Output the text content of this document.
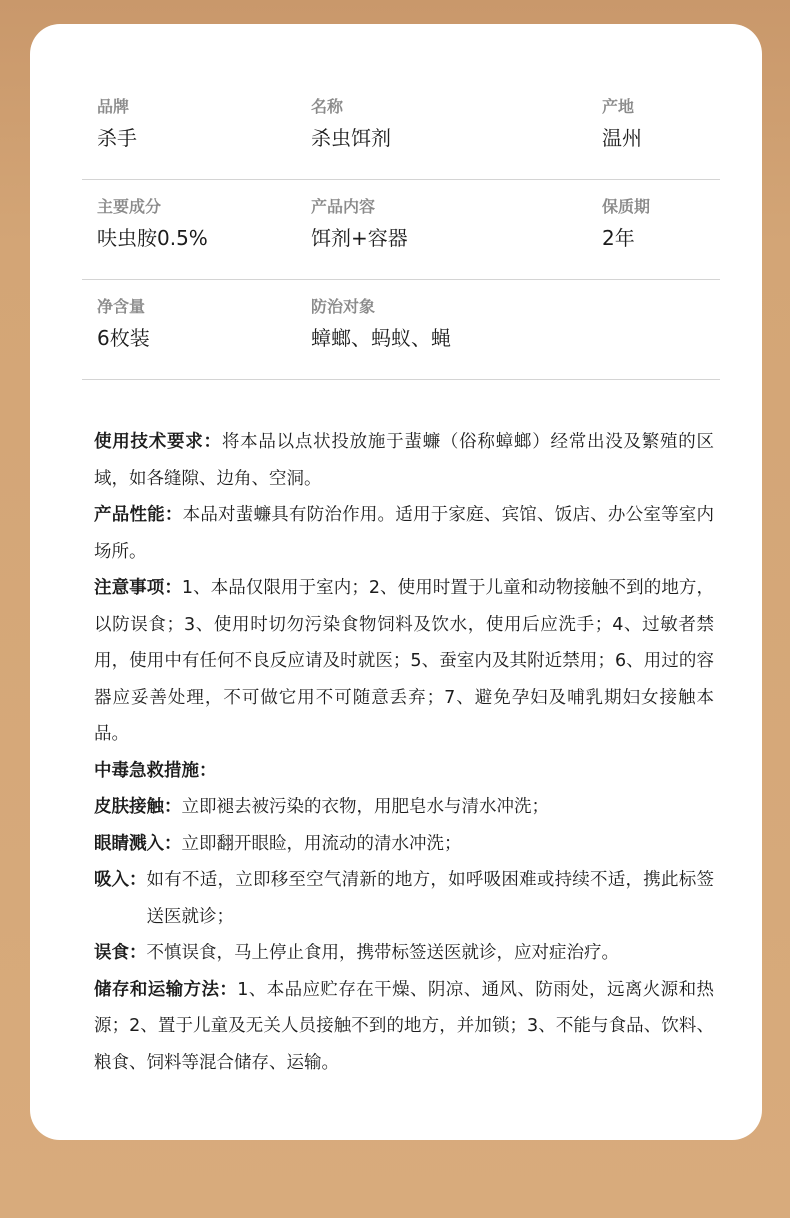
品牌
杀手
名称
杀虫饵剂
产地
温州
主要成分
呋虫胺0.5%
产品内容
饵剂+容器
保质期
2年
净含量
6枚装
防治对象
蟑螂、蚂蚁、蝇

使用技术要求：将本品以点状投放施于蜚蠊（俗称蟑螂）经常出没及繁殖的区域，如各缝隙、边角、空洞。

产品性能：本品对蜚蠊具有防治作用。适用于家庭、宾馆、饭店、办公室等室内场所。

注意事项：1、本品仅限用于室内；2、使用时置于儿童和动物接触不到的地方，以防误食；3、使用时切勿污染食物饲料及饮水，使用后应洗手；4、过敏者禁用，使用中有任何不良反应请及时就医；5、蚕室内及其附近禁用；6、用过的容器应妥善处理，不可做它用不可随意丢弃；7、避免孕妇及哺乳期妇女接触本品。

中毒急救措施：

皮肤接触：立即褪去被污染的衣物，用肥皂水与清水冲洗；

眼睛溅入：立即翻开眼睑，用流动的清水冲洗；

吸入： 如有不适，立即移至空气清新的地方，如呼吸困难或持续不适，携此标签送医就诊；

误食：不慎误食，马上停止食用，携带标签送医就诊，应对症治疗。

储存和运输方法：1、本品应贮存在干燥、阴凉、通风、防雨处，远离火源和热源；2、置于儿童及无关人员接触不到的地方，并加锁；3、不能与食品、饮料、粮食、饲料等混合储存、运输。
